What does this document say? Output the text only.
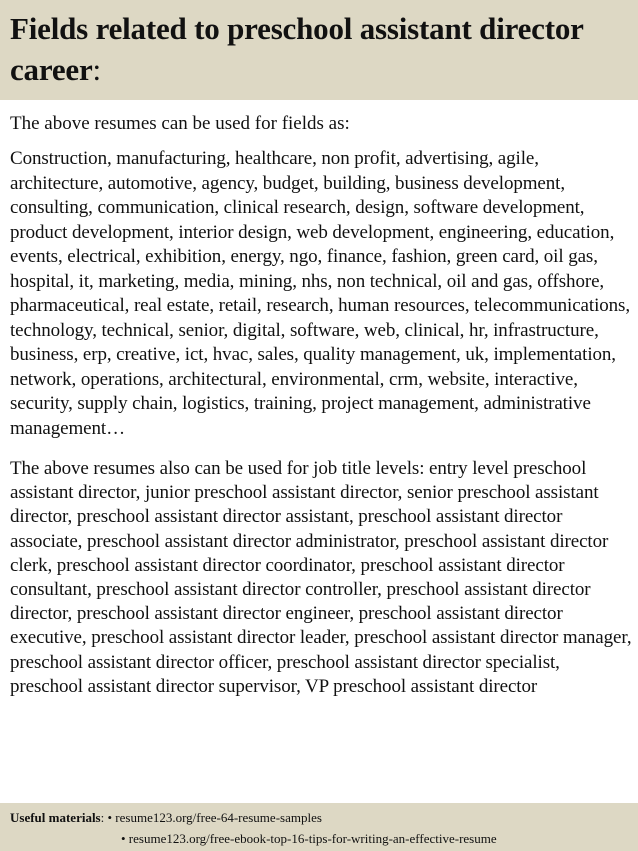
Fields related to preschool assistant director career:

The above resumes can be used for fields as:

Construction, manufacturing, healthcare, non profit, advertising, agile, architecture, automotive, agency, budget, building, business development, consulting, communication, clinical research, design, software development, product development, interior design, web development, engineering, education, events, electrical, exhibition, energy, ngo, finance, fashion, green card, oil gas, hospital, it, marketing, media, mining, nhs, non technical, oil and gas, offshore, pharmaceutical, real estate, retail, research, human resources, telecommunications, technology, technical, senior, digital, software, web, clinical, hr, infrastructure, business, erp, creative, ict, hvac, sales, quality management, uk, implementation, network, operations, architectural, environmental, crm, website, interactive, security, supply chain, logistics, training, project management, administrative management…

The above resumes also can be used for job title levels: entry level preschool assistant director, junior preschool assistant director, senior preschool assistant director, preschool assistant director assistant, preschool assistant director associate, preschool assistant director administrator, preschool assistant director clerk, preschool assistant director coordinator, preschool assistant director consultant, preschool assistant director controller, preschool assistant director director, preschool assistant director engineer, preschool assistant director executive, preschool assistant director leader, preschool assistant director manager, preschool assistant director officer, preschool assistant director specialist, preschool assistant director supervisor, VP preschool assistant director

Useful materials: • resume123.org/free-64-resume-samples
• resume123.org/free-ebook-top-16-tips-for-writing-an-effective-resume
